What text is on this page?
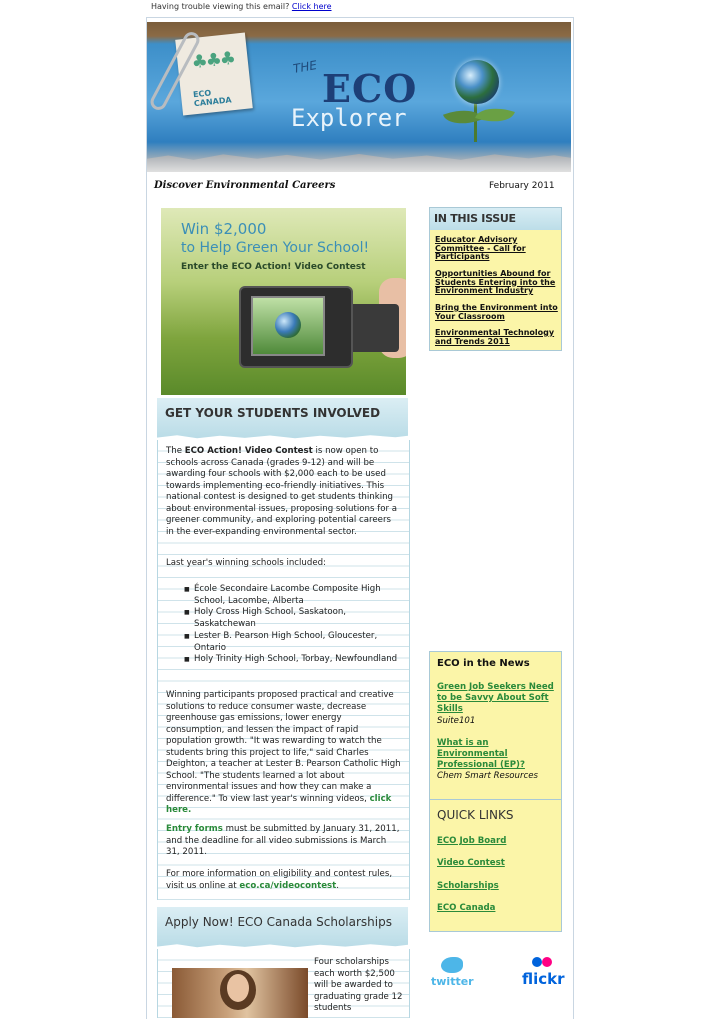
Having trouble viewing this email? Click here
♣♣♣
ECO CANADA
THE ECO
Explorer
Discover Environmental Careers	February 2011
Win $2,000
to Help Green Your School!
Enter the ECO Action! Video Contest
GET YOUR STUDENTS INVOLVED
The ECO Action! Video Contest is now open to schools across Canada (grades 9-12) and will be awarding four schools with $2,000 each to be used towards implementing eco-friendly initiatives. This national contest is designed to get students thinking about environmental issues, proposing solutions for a greener community, and exploring potential careers in the ever-expanding environmental sector.
Last year's winning schools included:
■ École Secondaire Lacombe Composite High School, Lacombe, Alberta
■ Holy Cross High School, Saskatoon, Saskatchewan
■ Lester B. Pearson High School, Gloucester, Ontario
■ Holy Trinity High School, Torbay, Newfoundland
Winning participants proposed practical and creative solutions to reduce consumer waste, decrease greenhouse gas emissions, lower energy consumption, and lessen the impact of rapid population growth. "It was rewarding to watch the students bring this project to life," said Charles Deighton, a teacher at Lester B. Pearson Catholic High School. "The students learned a lot about environmental issues and how they can make a difference." To view last year's winning videos, click here.
Entry forms must be submitted by January 31, 2011, and the deadline for all video submissions is March 31, 2011.
For more information on eligibility and contest rules, visit us online at eco.ca/videocontest.
Apply Now! ECO Canada Scholarships
Four scholarships each worth $2,500 will be awarded to graduating grade 12 students
IN THIS ISSUE
Educator Advisory Committee - Call for Participants
Opportunities Abound for Students Entering into the Environment Industry
Bring the Environment into Your Classroom
Environmental Technology and Trends 2011
ECO in the News
Green Job Seekers Need to be Savvy About Soft Skills
Suite101
What is an Environmental Professional (EP)?
Chem Smart Resources
QUICK LINKS
ECO Job Board
Video Contest
Scholarships
ECO Canada
twitter	flickr
